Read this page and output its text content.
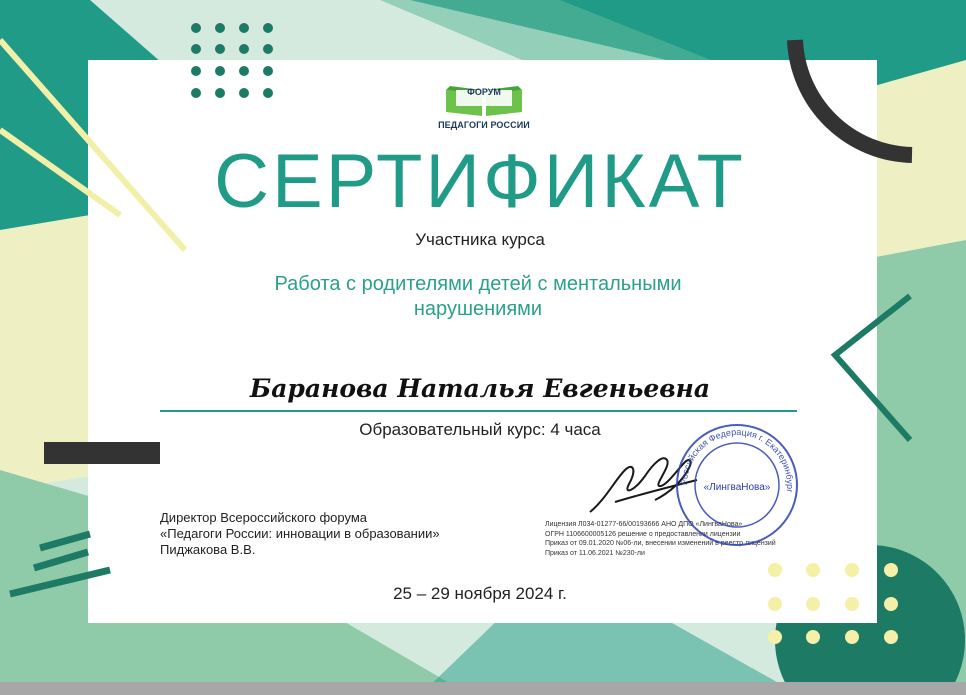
ФОРУМ
ПЕДАГОГИ РОССИИ
СЕРТИФИКАТ
Участника курса
Работа с родителями детей с ментальными
нарушениями
Баранова Наталья Евгеньевна
Образовательный курс: 4 часа
Директор Всероссийского форума
«Педагоги России: инновации в образовании»
Пиджакова В.В.
Лицензия Л034-01277-66/00193666 АНО ДПО «ЛингваНова»
ОГРН 1106600005126 решение о предоставлении лицензии
Приказ от 09.01.2020 №06-ли, внесении изменений в реестр лицензий
Приказ от 11.06.2021 №230-ли
Российская Федерация г. Екатеринбург
«ЛингваНова»
25 – 29 ноября 2024 г.
